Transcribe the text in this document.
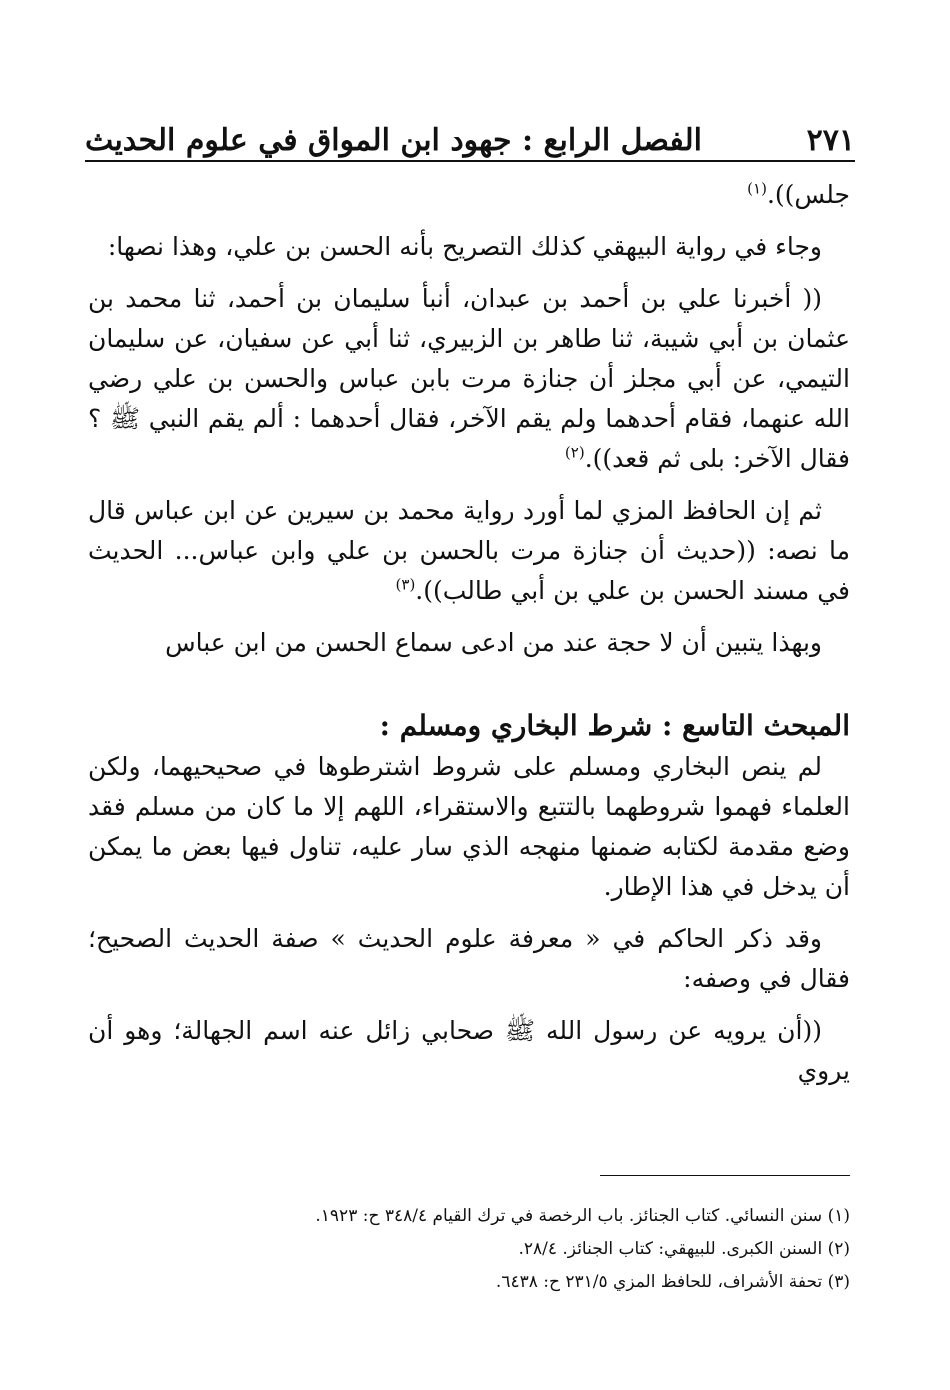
الفصل الرابع : جهود ابن المواق في علوم الحديث	٢٧١

جلس)).$^{(١)}$

وجاء في رواية البيهقي كذلك التصريح بأنه الحسن بن علي، وهذا نصها:

(( أخبرنا علي بن أحمد بن عبدان، أنبأ سليمان بن أحمد، ثنا محمد بن عثمان بن أبي شيبة، ثنا طاهر بن الزبيري، ثنا أبي عن سفيان، عن سليمان التيمي، عن أبي مجلز أن جنازة مرت بابن عباس والحسن بن علي رضي الله عنهما، فقام أحدهما ولم يقم الآخر، فقال أحدهما : ألم يقم النبي ﷺ ؟ فقال الآخر: بلى ثم قعد)).$^{(٢)}$

ثم إن الحافظ المزي لما أورد رواية محمد بن سيرين عن ابن عباس قال ما نصه: ((حديث أن جنازة مرت بالحسن بن علي وابن عباس... الحديث في مسند الحسن بن علي بن أبي طالب)).$^{(٣)}$

وبهذا يتبين أن لا حجة عند من ادعى سماع الحسن من ابن عباس

المبحث التاسع : شرط البخاري ومسلم :

لم ينص البخاري ومسلم على شروط اشترطوها في صحيحيهما، ولكن العلماء فهموا شروطهما بالتتبع والاستقراء، اللهم إلا ما كان من مسلم فقد وضع مقدمة لكتابه ضمنها منهجه الذي سار عليه، تناول فيها بعض ما يمكن أن يدخل في هذا الإطار.

وقد ذكر الحاكم في « معرفة علوم الحديث » صفة الحديث الصحيح؛ فقال في وصفه:

((أن يرويه عن رسول الله ﷺ صحابي زائل عنه اسم الجهالة؛ وهو أن يروي

(١) سنن النسائي. كتاب الجنائز. باب الرخصة في ترك القيام ٣٤٨/٤ ح: ١٩٢٣.

(٢) السنن الكبرى. للبيهقي: كتاب الجنائز. ٢٨/٤.

(٣) تحفة الأشراف، للحافظ المزي ٢٣١/٥ ح: ٦٤٣٨.
